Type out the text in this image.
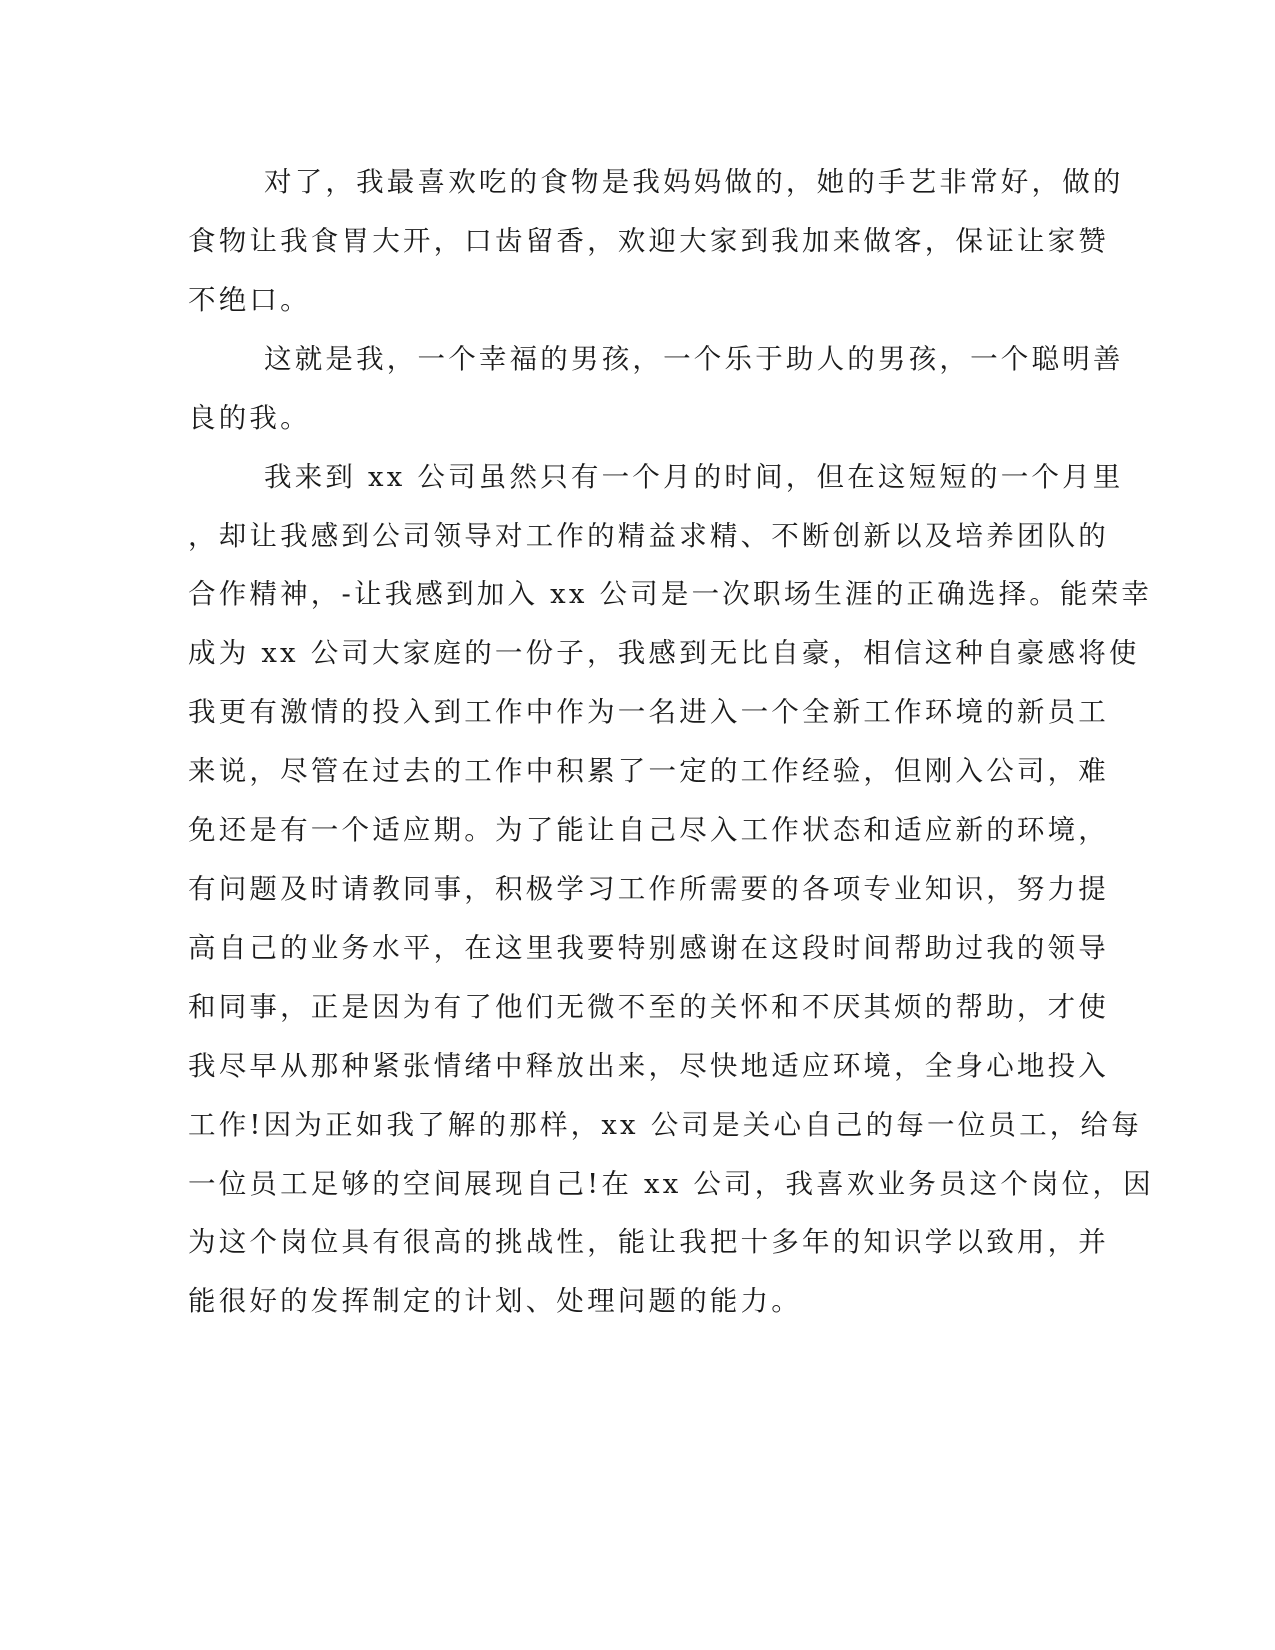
对了，我最喜欢吃的食物是我妈妈做的，她的手艺非常好，做的
食物让我食胃大开，口齿留香，欢迎大家到我加来做客，保证让家赞
不绝口。
这就是我，一个幸福的男孩，一个乐于助人的男孩，一个聪明善
良的我。
我来到 xx 公司虽然只有一个月的时间，但在这短短的一个月里
，却让我感到公司领导对工作的精益求精、不断创新以及培养团队的
合作精神，-让我感到加入 xx 公司是一次职场生涯的正确选择。能荣幸
成为 xx 公司大家庭的一份子，我感到无比自豪，相信这种自豪感将使
我更有激情的投入到工作中作为一名进入一个全新工作环境的新员工
来说，尽管在过去的工作中积累了一定的工作经验，但刚入公司，难
免还是有一个适应期。为了能让自己尽入工作状态和适应新的环境，
有问题及时请教同事，积极学习工作所需要的各项专业知识，努力提
高自己的业务水平，在这里我要特别感谢在这段时间帮助过我的领导
和同事，正是因为有了他们无微不至的关怀和不厌其烦的帮助，才使
我尽早从那种紧张情绪中释放出来，尽快地适应环境，全身心地投入
工作!因为正如我了解的那样，xx 公司是关心自己的每一位员工，给每
一位员工足够的空间展现自己!在 xx 公司，我喜欢业务员这个岗位，因
为这个岗位具有很高的挑战性，能让我把十多年的知识学以致用，并
能很好的发挥制定的计划、处理问题的能力。
